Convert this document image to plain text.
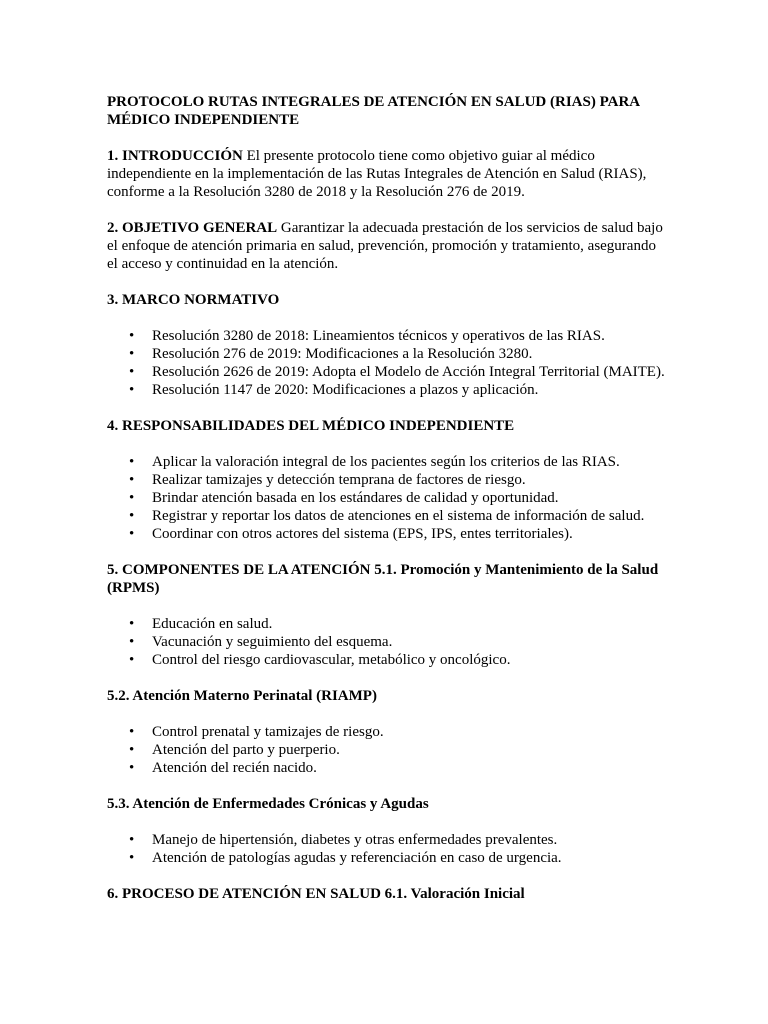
PROTOCOLO RUTAS INTEGRALES DE ATENCIÓN EN SALUD (RIAS) PARA MÉDICO INDEPENDIENTE

1. INTRODUCCIÓN El presente protocolo tiene como objetivo guiar al médico independiente en la implementación de las Rutas Integrales de Atención en Salud (RIAS), conforme a la Resolución 3280 de 2018 y la Resolución 276 de 2019.

2. OBJETIVO GENERAL Garantizar la adecuada prestación de los servicios de salud bajo el enfoque de atención primaria en salud, prevención, promoción y tratamiento, asegurando el acceso y continuidad en la atención.

3. MARCO NORMATIVO

• Resolución 3280 de 2018: Lineamientos técnicos y operativos de las RIAS.
• Resolución 276 de 2019: Modificaciones a la Resolución 3280.
• Resolución 2626 de 2019: Adopta el Modelo de Acción Integral Territorial (MAITE).
• Resolución 1147 de 2020: Modificaciones a plazos y aplicación.

4. RESPONSABILIDADES DEL MÉDICO INDEPENDIENTE

• Aplicar la valoración integral de los pacientes según los criterios de las RIAS.
• Realizar tamizajes y detección temprana de factores de riesgo.
• Brindar atención basada en los estándares de calidad y oportunidad.
• Registrar y reportar los datos de atenciones en el sistema de información de salud.
• Coordinar con otros actores del sistema (EPS, IPS, entes territoriales).

5. COMPONENTES DE LA ATENCIÓN 5.1. Promoción y Mantenimiento de la Salud (RPMS)

• Educación en salud.
• Vacunación y seguimiento del esquema.
• Control del riesgo cardiovascular, metabólico y oncológico.

5.2. Atención Materno Perinatal (RIAMP)

• Control prenatal y tamizajes de riesgo.
• Atención del parto y puerperio.
• Atención del recién nacido.

5.3. Atención de Enfermedades Crónicas y Agudas

• Manejo de hipertensión, diabetes y otras enfermedades prevalentes.
• Atención de patologías agudas y referenciación en caso de urgencia.

6. PROCESO DE ATENCIÓN EN SALUD 6.1. Valoración Inicial
